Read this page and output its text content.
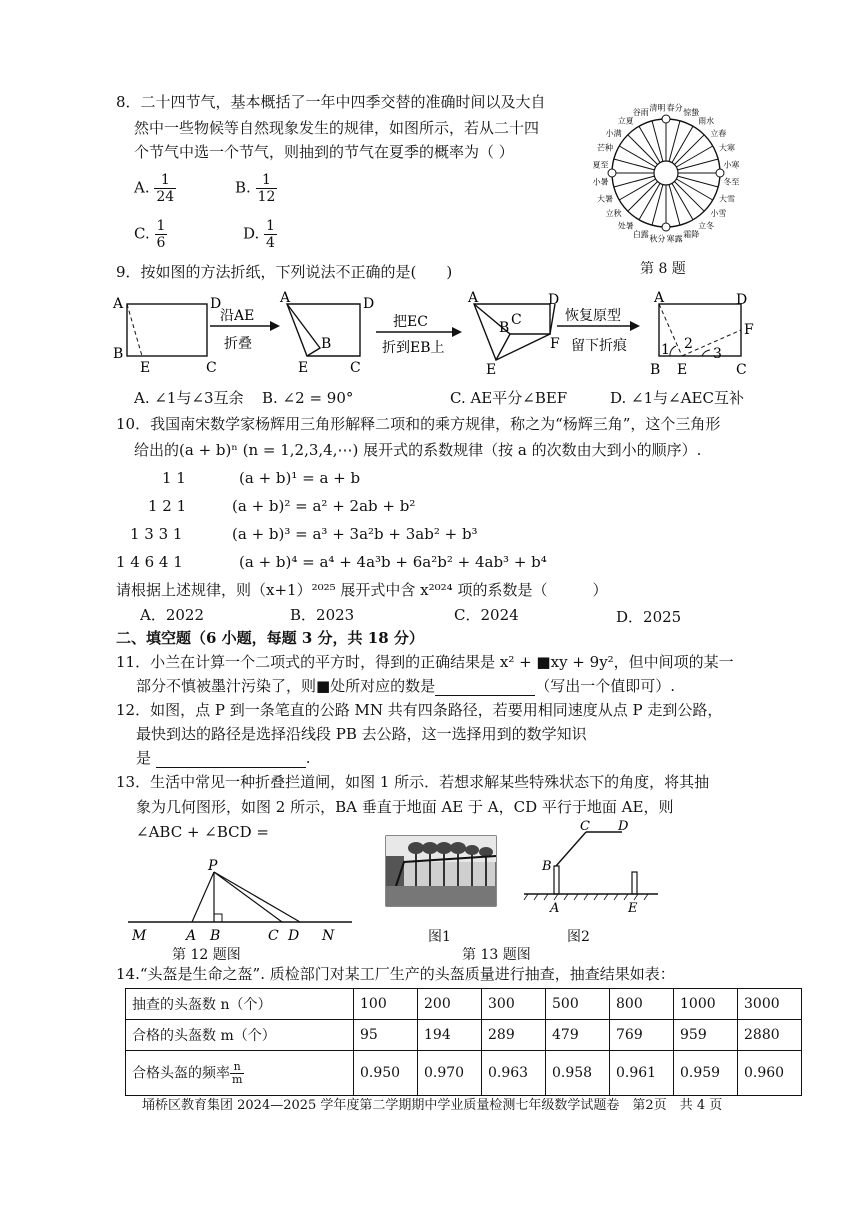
8．二十四节气，基本概括了一年中四季交替的准确时间以及大自
然中一些物候等自然现象发生的规律，如图所示，若从二十四
个节气中选一个节气，则抽到的节气在夏季的概率为（ ）
A. $\frac{1}{24}$	B. $\frac{1}{12}$
C. $\frac{1}{6}$	D. $\frac{1}{4}$
春分 惊蛰
雨水
立春
大寒
小寒
冬至
大雪
小雪
立冬
霜降
寒露
秋分
白露
处暑
立秋
大暑
小暑
夏至
芒种
小满
立夏
谷雨 清明
第 8 题
9．按如图的方法折纸，下列说法不正确的是(　　)
A	D
B
E	C
沿AE
折叠
A	D
B
E	C
把EC
折到EB上
A	D
B C
F
E
恢复原型
留下折痕
A	D
F
1 2
3
B E	C
A. ∠1与∠3互余 B. ∠2 = 90°	C. AE平分∠BEF	D. ∠1与∠AEC互补
10．我国南宋数学家杨辉用三角形解释二项和的乘方规律，称之为“杨辉三角”，这个三角形
给出的(a + b)ⁿ (n = 1,2,3,4,⋯) 展开式的系数规律（按 a 的次数由大到小的顺序）.
1 1	(a + b)¹ = a + b
1 2 1	(a + b)² = a² + 2ab + b²
1 3 3 1	(a + b)³ = a³ + 3a²b + 3ab² + b³
1 4 6 4 1	(a + b)⁴ = a⁴ + 4a³b + 6a²b² + 4ab³ + b⁴
请根据上述规律，则（x+1）²⁰²⁵ 展开式中含 x²⁰²⁴ 项的系数是（　　　）
A．2022	B．2023	C．2024	D．2025
二、填空题（6 小题，每题 3 分，共 18 分）
11．小兰在计算一个二项式的平方时，得到的正确结果是 x² + ■xy + 9y²，但中间项的某一
部分不慎被墨汁污染了，则■处所对应的数是	（写出一个值即可）.
12．如图，点 P 到一条笔直的公路 MN 共有四条路径，若要用相同速度从点 P 走到公路，
最快到达的路径是选择沿线段 PB 去公路，这一选择用到的数学知识
是	.
13．生活中常见一种折叠拦道闸，如图 1 所示．若想求解某些特殊状态下的角度，将其抽
象为几何图形，如图 2 所示，BA 垂直于地面 AE 于 A，CD 平行于地面 AE，则
∠ABC + ∠BCD =
P
M	A B	C D N
第 12 题图
图1
B
C D
A	E
图2
第 13 题图
14.“头盔是生命之盔”. 质检部门对某工厂生产的头盔质量进行抽查，抽查结果如表：
抽查的头盔数 n（个）	100	200	300	500	800	1000	3000
合格的头盔数 m（个）	95	194	289	479	769	959	2880
合格头盔的频率 $\frac{n}{m}$	0.950	0.970	0.963	0.958	0.961	0.959	0.960
埇桥区教育集团 2024—2025 学年度第二学期期中学业质量检测七年级数学试题卷　第2页　共 4 页
